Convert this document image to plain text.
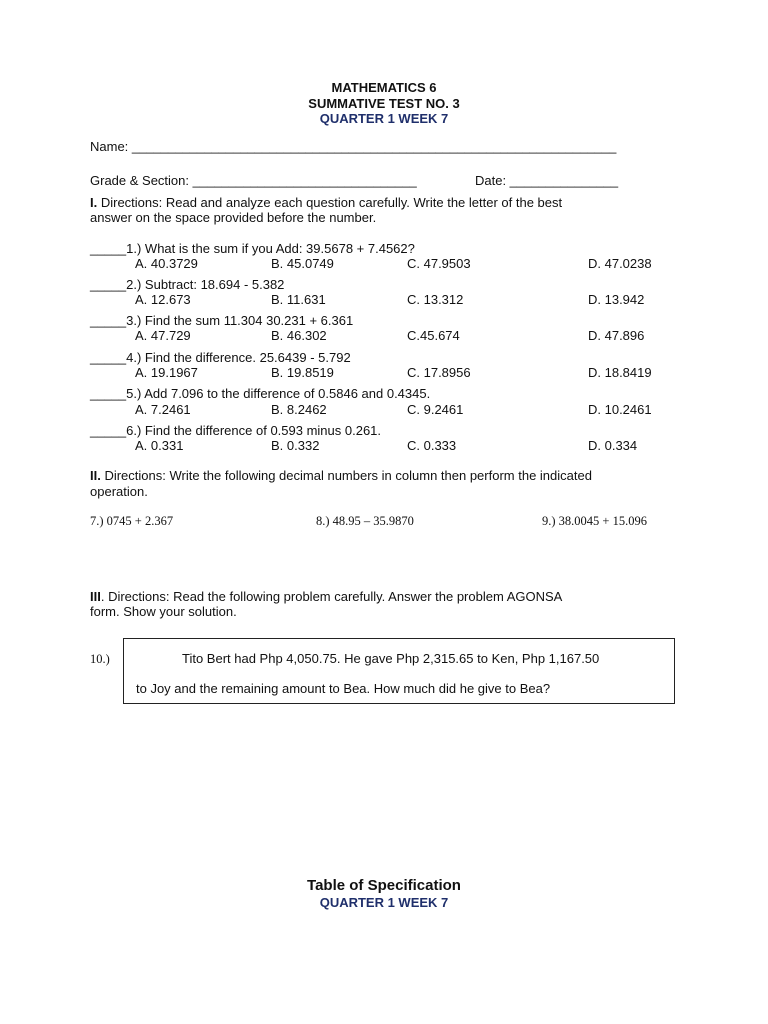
MATHEMATICS 6
SUMMATIVE TEST NO. 3
QUARTER 1 WEEK 7
Name: ___________________________________________________________________
Grade & Section: _______________________________	Date: _______________
I. Directions: Read and analyze each question carefully. Write the letter of the best
answer on the space provided before the number.
_____1.) What is the sum if you Add: 39.5678 + 7.4562?
A. 40.3729	B. 45.0749	C. 47.9503	D. 47.0238
_____2.) Subtract: 18.694 - 5.382
A. 12.673	B. 11.631	C. 13.312	D. 13.942
_____3.) Find the sum 11.304 30.231 + 6.361
A. 47.729	B. 46.302	C.45.674	D. 47.896
_____4.) Find the difference. 25.6439 - 5.792
A. 19.1967	B. 19.8519	C. 17.8956	D. 18.8419
_____5.) Add 7.096 to the difference of 0.5846 and 0.4345.
A. 7.2461	B. 8.2462	C. 9.2461	D. 10.2461
_____6.) Find the difference of 0.593 minus 0.261.
A. 0.331	B. 0.332	C. 0.333	D. 0.334
II. Directions: Write the following decimal numbers in column then perform the indicated
operation.
7.) 0745 + 2.367	8.) 48.95 – 35.9870	9.) 38.0045 + 15.096
III. Directions: Read the following problem carefully. Answer the problem AGONSA
form. Show your solution.
10.)	Tito Bert had Php 4,050.75. He gave Php 2,315.65 to Ken, Php 1,167.50
to Joy and the remaining amount to Bea. How much did he give to Bea?
Table of Specification
QUARTER 1 WEEK 7
